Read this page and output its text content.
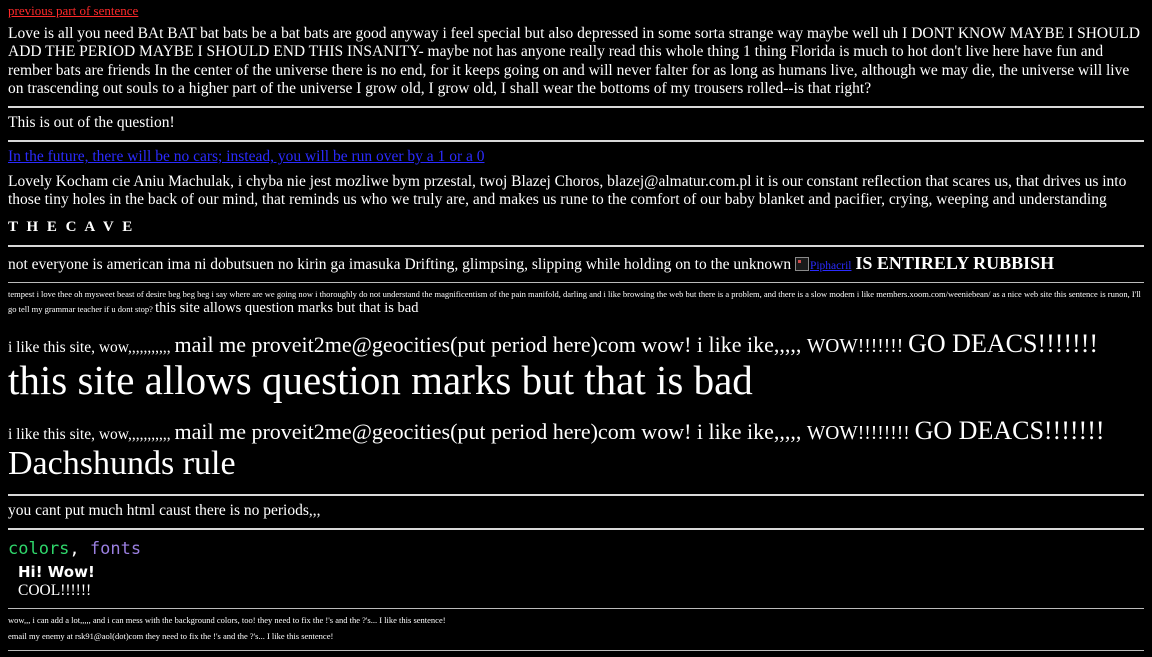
previous part of sentence
Love is all you need BAt BAT bat bats be a bat bats are good anyway i feel special but also depressed in some sorta strange way maybe well uh I DONT KNOW MAYBE I SHOULD ADD THE PERIOD MAYBE I SHOULD END THIS INSANITY- maybe not has anyone really read this whole thing 1 thing Florida is much to hot don't live here have fun and rember bats are friends In the center of the universe there is no end, for it keeps going on and will never falter for as long as humans live, although we may die, the universe will live on trascending out souls to a higher part of the universe I grow old, I grow old, I shall wear the bottoms of my trousers rolled--is that right?
This is out of the question!
In the future, there will be no cars; instead, you will be run over by a 1 or a 0
Lovely Kocham cie Aniu Machulak, i chyba nie jest mozliwe bym przestal, twoj Blazej Choros, blazej@almatur.com.pl it is our constant reflection that scares us, that drives us into those tiny holes in the back of our mind, that reminds us who we truly are, and makes us rune to the comfort of our baby blanket and pacifier, crying, weeping and understanding
T H E C A V E
not everyone is american ima ni dobutsuen no kirin ga imasuka Drifting, glimpsing, slipping while holding on to the unknown Piphacril IS ENTIRELY RUBBISH
tempest i love thee oh mysweet beast of desire beg beg beg i say where are we going now i thoroughly do not understand the magnificentism of the pain manifold, darling and i like browsing the web but there is a problem, and there is a slow modem i like members.xoom.com/weeniebean/ as a nice web site this sentence is runon, I'll go tell my grammar teacher if u dont stop? this site allows question marks but that is bad
i like this site, wow,,,,,,,,,,, mail me proveit2me@geocities(put period here)com wow! i like ike,,,,, WOW!!!!!!! GO DEACS!!!!!!! this site allows question marks but that is bad
i like this site, wow,,,,,,,,,,, mail me proveit2me@geocities(put period here)com wow! i like ike,,,,, WOW!!!!!!!! GO DEACS!!!!!!!
Dachshunds rule
you cant put much html caust there is no periods,,,
colors, fonts
Hi! Wow!
COOL!!!!!!
wow,,, i can add a lot,,,,, and i can mess with the background colors, too! they need to fix the !'s and the ?'s... I like this sentence!
email my enemy at rsk91@aol(dot)com they need to fix the !'s and the ?'s... I like this sentence!
